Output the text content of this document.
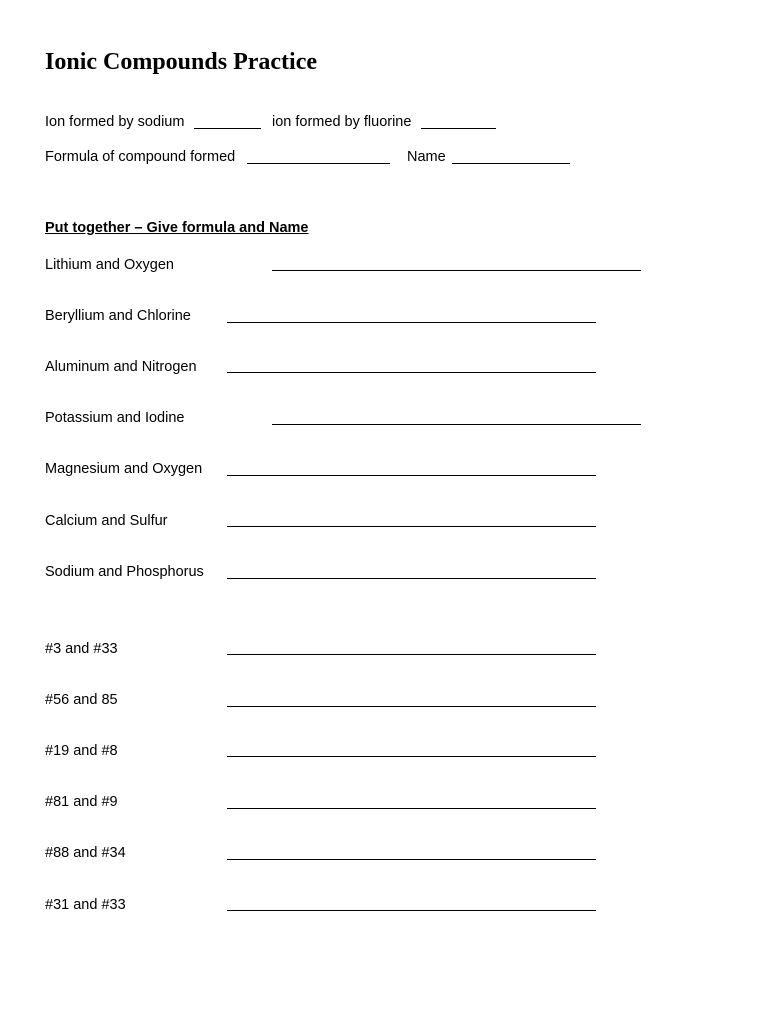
Ionic Compounds Practice
Ion formed by sodium	ion formed by fluorine
Formula of compound formed	Name
Put together – Give formula and Name
Lithium and Oxygen
Beryllium and Chlorine
Aluminum and Nitrogen
Potassium and Iodine
Magnesium and Oxygen
Calcium and Sulfur
Sodium and Phosphorus
#3 and #33
#56 and 85
#19 and #8
#81 and #9
#88 and #34
#31 and #33
